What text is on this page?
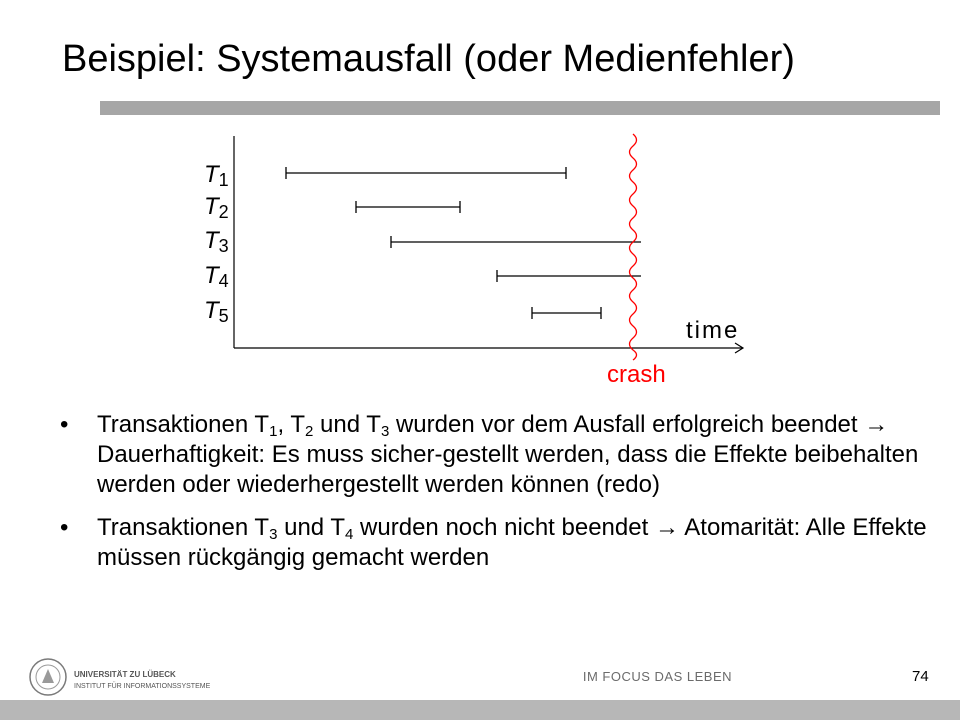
Beispiel: Systemausfall (oder Medienfehler)
T1
T2
T3
T4
T5
time
crash
• Transaktionen $T_1$, $T_2$ und $T_3$ wurden vor dem Ausfall erfolgreich beendet → Dauerhaftigkeit: Es muss sicher-gestellt werden, dass die Effekte beibehalten werden oder wiederhergestellt werden können (redo)
• Transaktionen $T_3$ und $T_4$ wurden noch nicht beendet → Atomarität: Alle Effekte müssen rückgängig gemacht werden
UNIVERSITÄT ZU LÜBECK
INSTITUT FÜR INFORMATIONSSYSTEME
IM FOCUS DAS LEBEN	74
